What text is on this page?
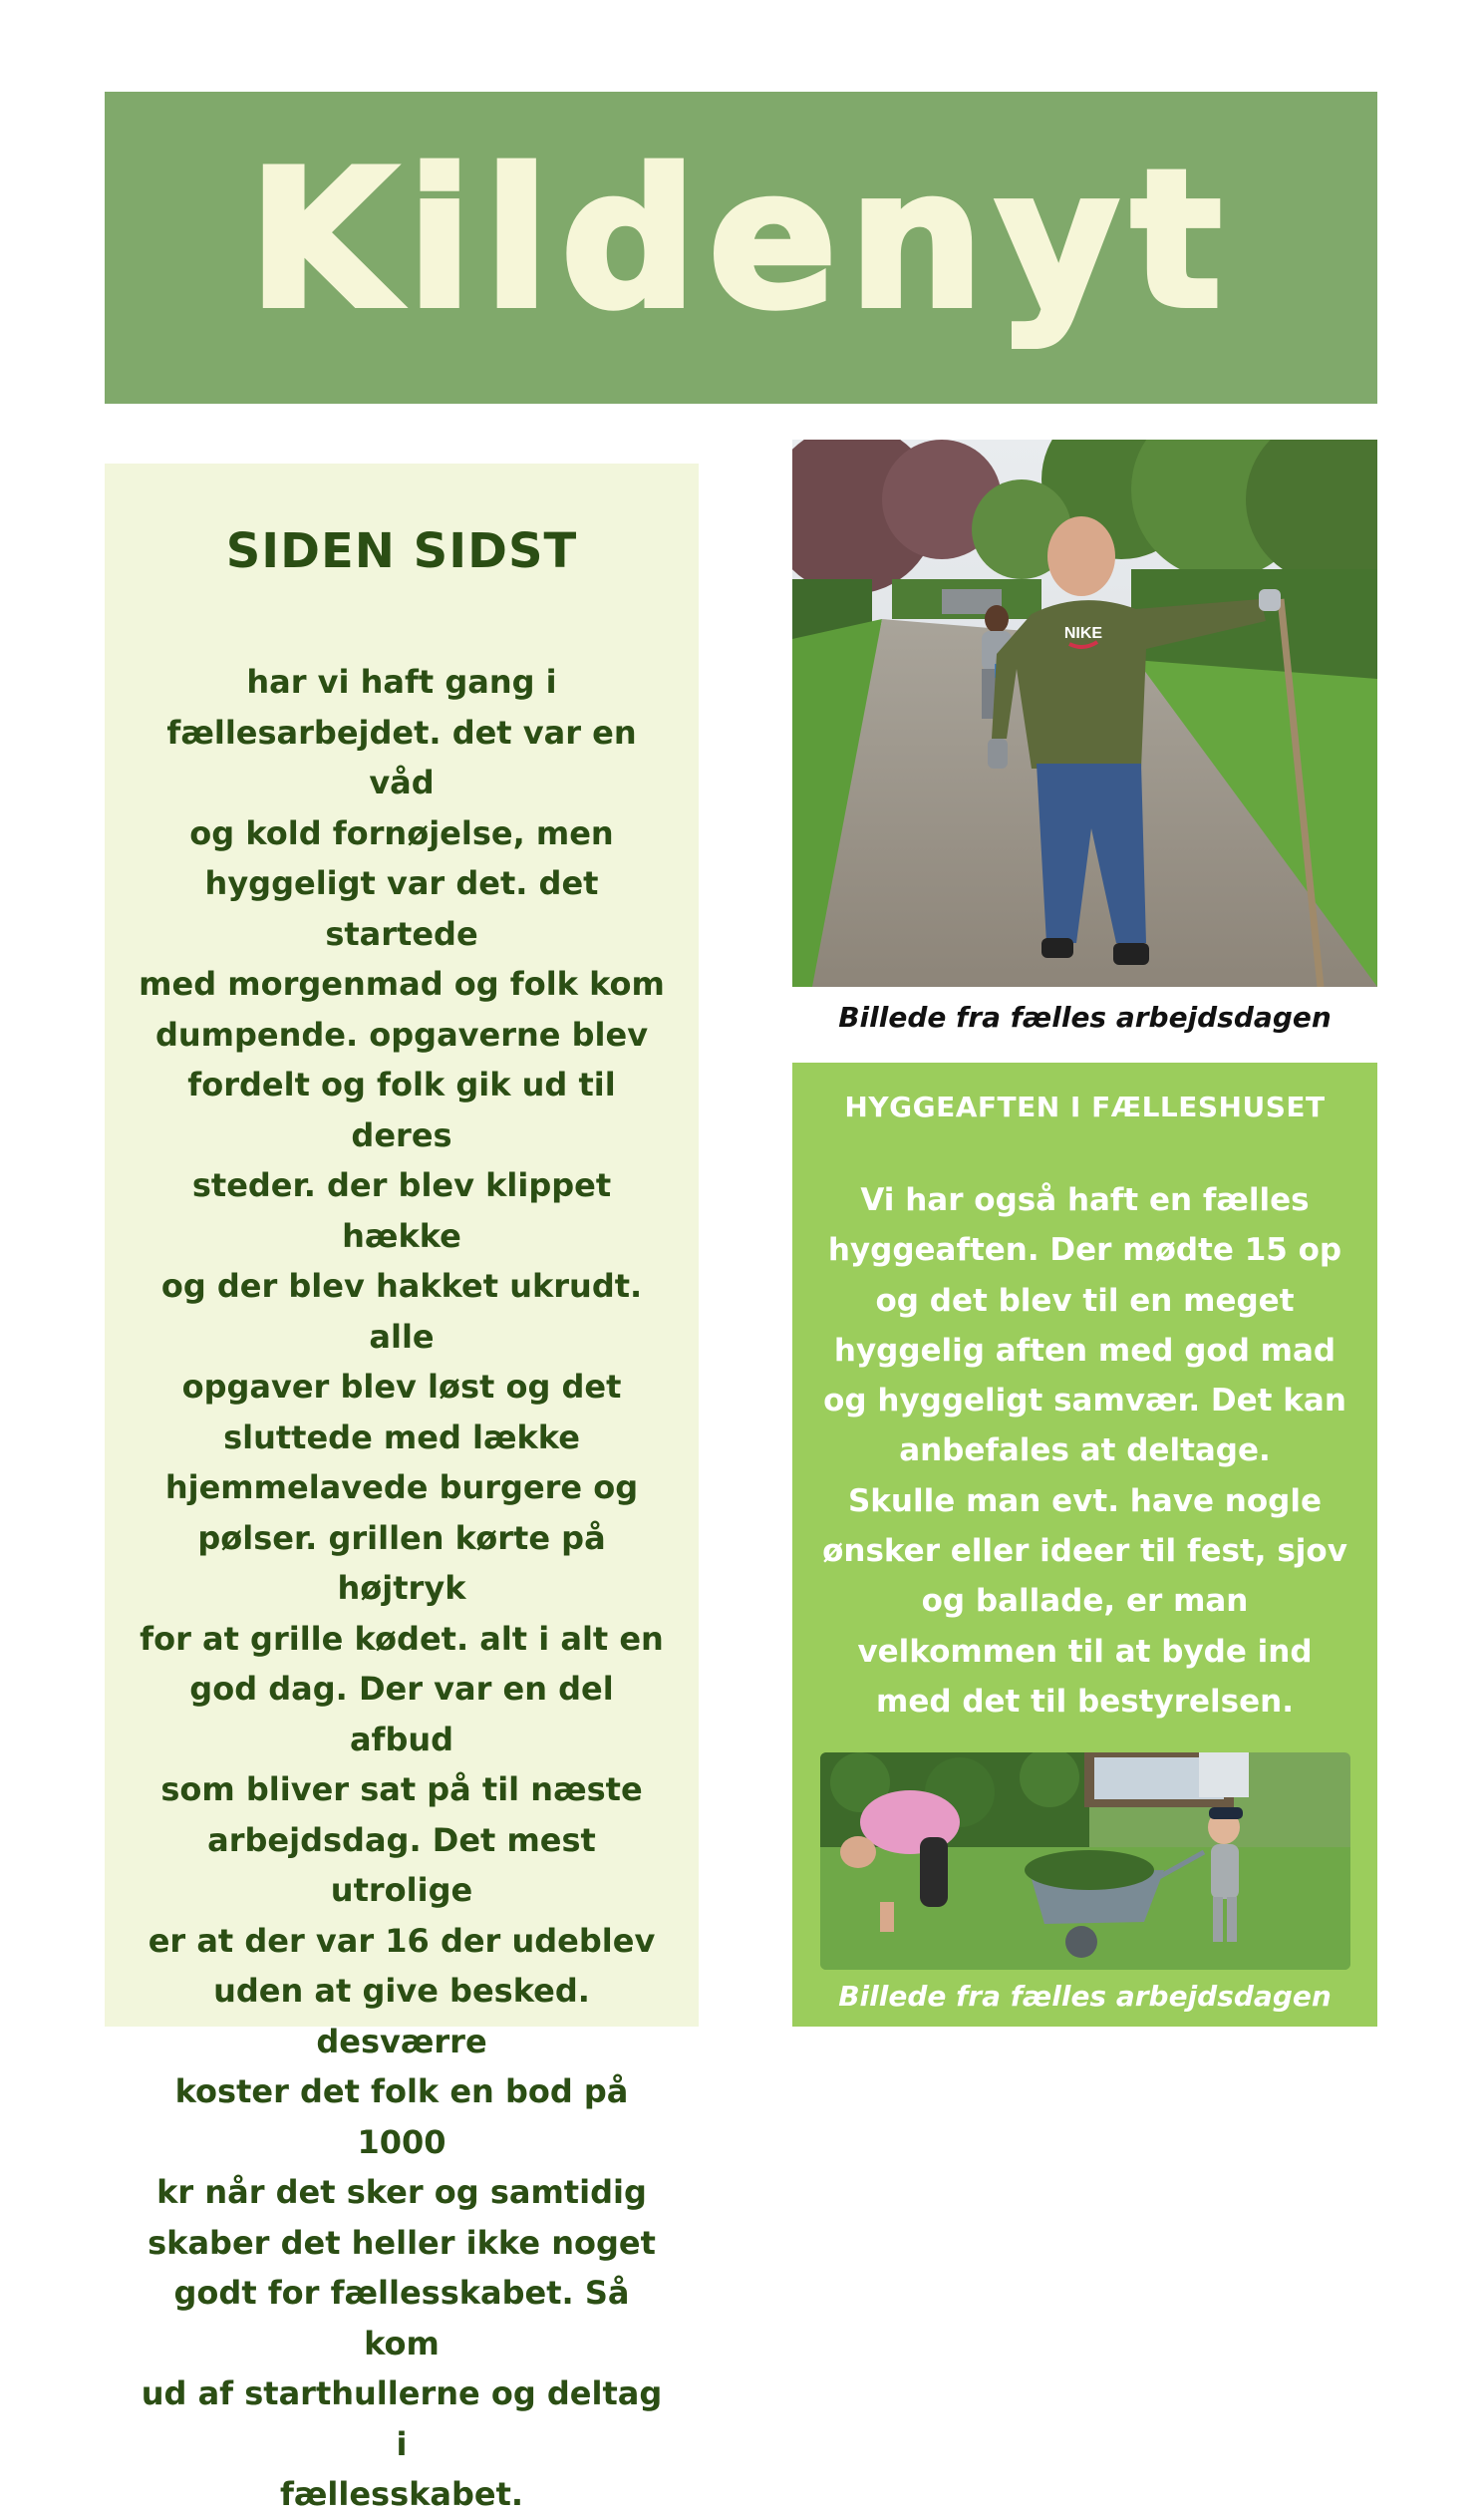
Kildenyt
SIDEN SIDST

har vi haft gang i
fællesarbejdet. det var en våd
og kold fornøjelse, men
hyggeligt var det. det startede
med morgenmad og folk kom
dumpende. opgaverne blev
fordelt og folk gik ud til deres
steder. der blev klippet hække
og der blev hakket ukrudt. alle
opgaver blev løst og det
sluttede med lække
hjemmelavede burgere og
pølser. grillen kørte på højtryk
for at grille kødet. alt i alt en
god dag. Der var en del afbud
som bliver sat på til næste
arbejdsdag. Det mest utrolige
er at der var 16 der udeblev
uden at give besked. desværre
koster det folk en bod på 1000
kr når det sker og samtidig
skaber det heller ikke noget
godt for fællesskabet. Så kom
ud af starthullerne og deltag i
fællesskabet.

NIKE
Billede fra fælles arbejdsdagen
HYGGEAFTEN I FÆLLESHUSET

Vi har også haft en fælles
hyggeaften. Der mødte 15 op
og det blev til en meget
hyggelig aften med god mad
og hyggeligt samvær. Det kan
anbefales at deltage.
Skulle man evt. have nogle
ønsker eller ideer til fest, sjov
og ballade, er man
velkommen til at byde ind
med det til bestyrelsen.

Billede fra fælles arbejdsdagen
